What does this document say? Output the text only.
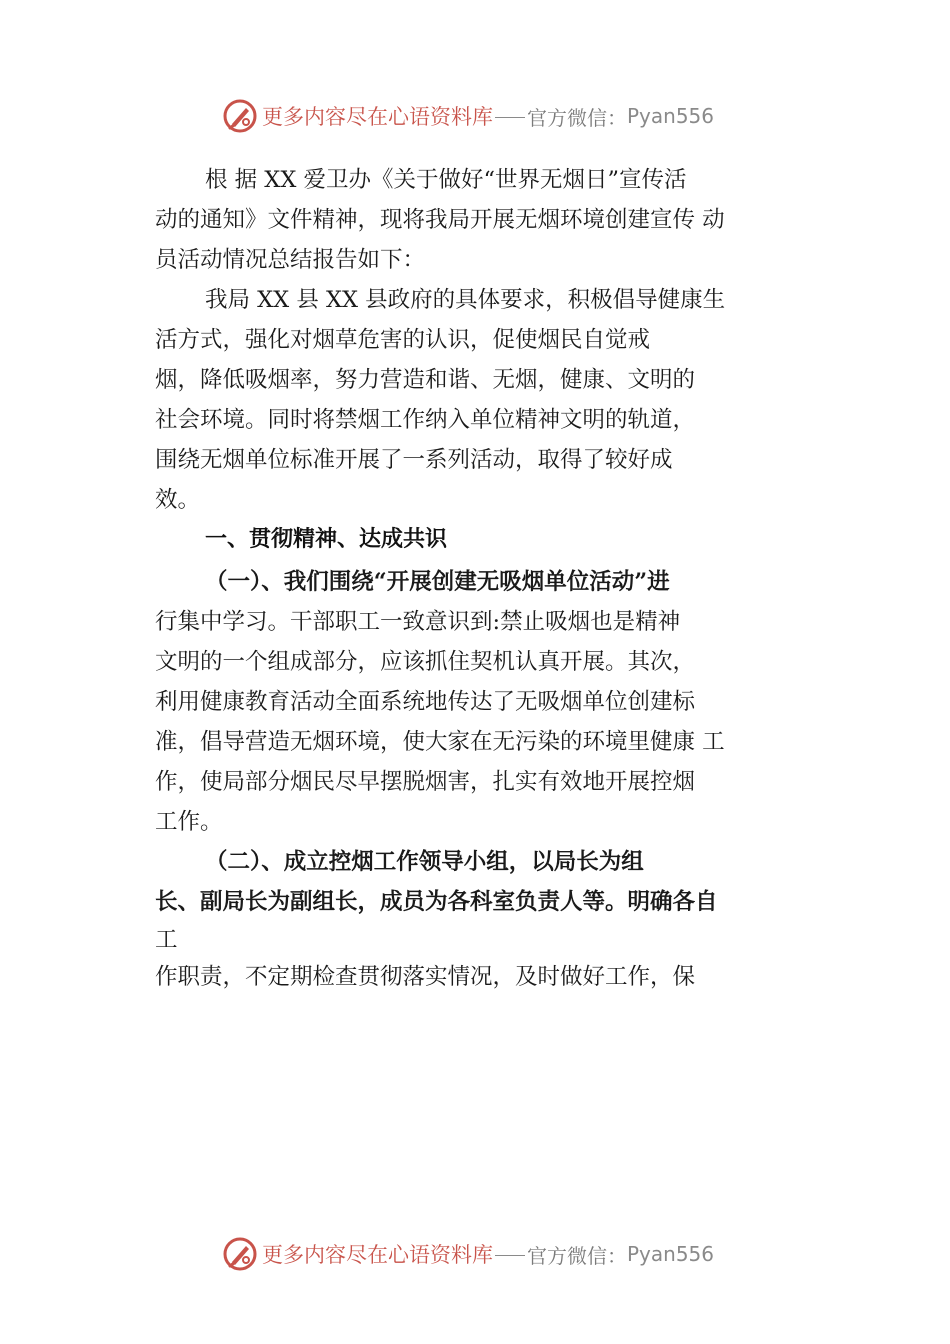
更多内容尽在心语资料库 官方微信： Pyan556
根 据 XX 爱卫办《关于做好“世界无烟日”宣传活
动的通知》文件精神，现将我局开展无烟环境创建宣传 动
员活动情况总结报告如下：
我局 XX 县 XX 县政府的具体要求，积极倡导健康生
活方式，强化对烟草危害的认识，促使烟民自觉戒
烟，降低吸烟率，努力营造和谐、无烟，健康、文明的
社会环境。同时将禁烟工作纳入单位精神文明的轨道，
围绕无烟单位标准开展了一系列活动，取得了较好成
效。
一、贯彻精神、达成共识
（一）、我们围绕“开展创建无吸烟单位活动”进
行集中学习。干部职工一致意识到:禁止吸烟也是精神
文明的一个组成部分，应该抓住契机认真开展。其次，
利用健康教育活动全面系统地传达了无吸烟单位创建标
准，倡导营造无烟环境，使大家在无污染的环境里健康 工
作，使局部分烟民尽早摆脱烟害，扎实有效地开展控烟
工作。
（二）、成立控烟工作领导小组，以局长为组
长、副局长为副组长，成员为各科室负责人等。明确各自
工
作职责，不定期检查贯彻落实情况，及时做好工作，保
更多内容尽在心语资料库 官方微信： Pyan556
